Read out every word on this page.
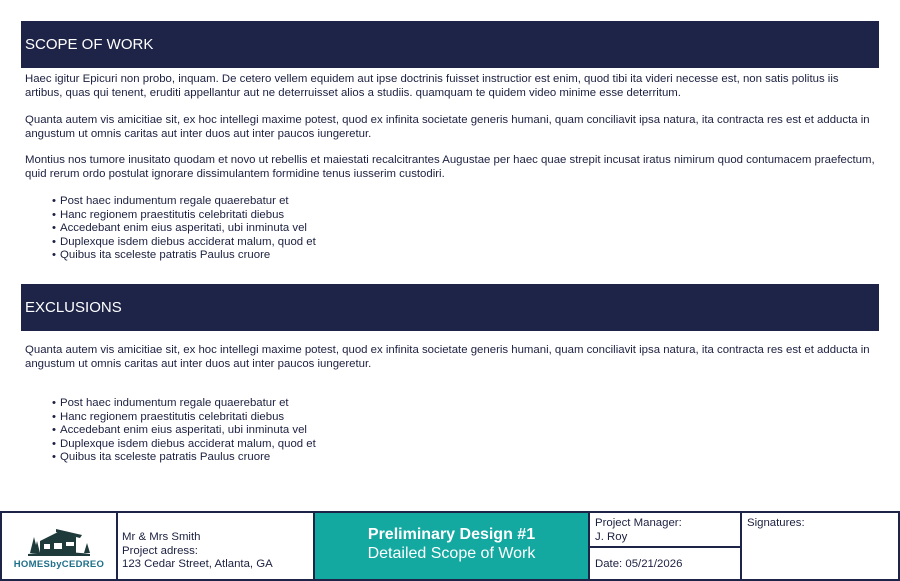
SCOPE OF WORK

Haec igitur Epicuri non probo, inquam. De cetero vellem equidem aut ipse doctrinis fuisset instructior est enim, quod tibi ita videri necesse est, non satis politus iis artibus, quas qui tenent, eruditi appellantur aut ne deterruisset alios a studiis. quamquam te quidem video minime esse deterritum.

Quanta autem vis amicitiae sit, ex hoc intellegi maxime potest, quod ex infinita societate generis humani, quam conciliavit ipsa natura, ita contracta res est et adducta in angustum ut omnis caritas aut inter duos aut inter paucos iungeretur.

Montius nos tumore inusitato quodam et novo ut rebellis et maiestati recalcitrantes Augustae per haec quae strepit incusat iratus nimirum quod contumacem praefectum, quid rerum ordo postulat ignorare dissimulantem formidine tenus iusserim custodiri.

• Post haec indumentum regale quaerebatur et
• Hanc regionem praestitutis celebritati diebus
• Accedebant enim eius asperitati, ubi inminuta vel
• Duplexque isdem diebus acciderat malum, quod et
• Quibus ita sceleste patratis Paulus cruore
EXCLUSIONS

Quanta autem vis amicitiae sit, ex hoc intellegi maxime potest, quod ex infinita societate generis humani, quam conciliavit ipsa natura, ita contracta res est et adducta in angustum ut omnis caritas aut inter duos aut inter paucos iungeretur.

• Post haec indumentum regale quaerebatur et
• Hanc regionem praestitutis celebritati diebus
• Accedebant enim eius asperitati, ubi inminuta vel
• Duplexque isdem diebus acciderat malum, quod et
• Quibus ita sceleste patratis Paulus cruore
HOMESbyCEDREO
Mr & Mrs Smith
Project adress:
123 Cedar Street, Atlanta, GA
Preliminary Design #1
Detailed Scope of Work
Project Manager:
J. Roy
Date: 05/21/2026
Signatures:
